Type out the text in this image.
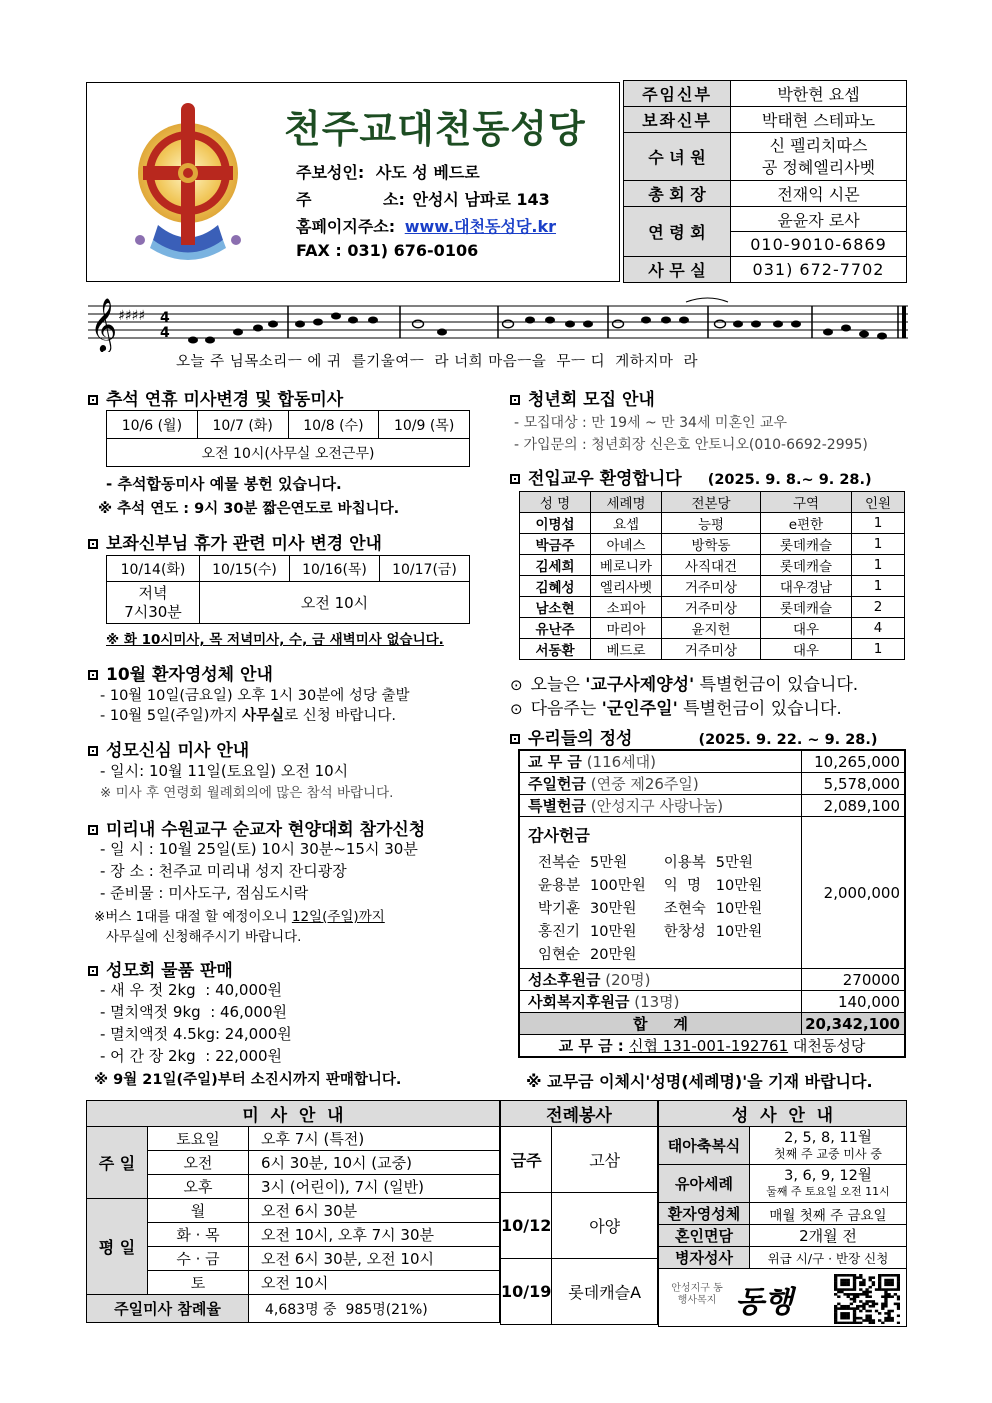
천주교대천동성당
주보성인: 사도 성 베드로
주	소: 안성시 남파로 143
홈페이지주소: www.대천동성당.kr
FAX : 031) 676-0106
주임신부	박한현 요셉
보좌신부	박태현 스테파노
수 녀 원	신 펠리치따스
공 정혜엘리사벳

총 회 장	전재익 시몬
연 령 회	윤윤자 로사
	010-9010-6869
사 무 실	031) 672-7702
𝄞 ♯♯♯♯ 4
4
오늘 주 님목소리ㅡ 에 귀  를기울여ㅡ  라 너희 마음ㅡ을  무ㅡ 디  게하지마  라
추석 연휴 미사변경 및 합동미사
10/6 (월)	10/7 (화)	10/8 (수)	10/9 (목)
오전 10시(사무실 오전근무)
- 추석합동미사 예물 봉헌 있습니다.
※ 추석 연도 : 9시 30분 짧은연도로 바칩니다.
보좌신부님 휴가 관련 미사 변경 안내
10/14(화)	10/15(수)	10/16(목)	10/17(금)

저녁
7시30분	오전 10시		
※ 화 10시미사, 목 저녁미사, 수, 금 새벽미사 없습니다.
10월 환자영성체 안내
- 10월 10일(금요일) 오후 1시 30분에 성당 출발
- 10월 5일(주일)까지 사무실로 신청 바랍니다.
성모신심 미사 안내
- 일시: 10월 11일(토요일) 오전 10시
※ 미사 후 연령회 월례회의에 많은 참석 바랍니다.
미리내 수원교구 순교자 현양대회 참가신청
- 일 시 : 10월 25일(토) 10시 30분~15시 30분
- 장 소 : 천주교 미리내 성지 잔디광장
- 준비물 : 미사도구, 점심도시락
※버스 1대를 대절 할 예정이오니 12일(주일)까지
사무실에 신청해주시기 바랍니다.
성모회 물품 판매
- 새 우 젓 2kg  : 40,000원
- 멸치액젓 9kg  : 46,000원
- 멸치액젓 4.5kg: 24,000원
- 어 간 장 2kg  : 22,000원
※ 9월 21일(주일)부터 소진시까지 판매합니다.
청년회 모집 안내
- 모집대상 : 만 19세 ~ 만 34세 미혼인 교우
- 가입문의 : 청년회장 신은호 안토니오(010-6692-2995)
전입교우 환영합니다 (2025. 9. 8.~ 9. 28.)
성 명	세례명	전본당	구역	인원
이명섭	요셉	능평	e편한	1
박금주	아녜스	방학동	롯데캐슬	1
김세희	베로니카	사직대건	롯데캐슬	1
김혜성	엘리사벳	거주미상	대우경남	1
남소현	소피아	거주미상	롯데캐슬	2
유난주	마리아	윤지헌	대우	4
서동환	베드로	거주미상	대우	1
⊙ 오늘은 '교구사제양성' 특별헌금이 있습니다.
⊙ 다음주는 '군인주일' 특별헌금이 있습니다.
우리들의 정성	(2025. 9. 22. ~ 9. 28.)
교 무 금 (116세대)	10,265,000
주일헌금 (연중 제26주일)	5,578,000
특별헌금 (안성지구 사랑나눔)	2,089,100

감사헌금
전복순	5만원	이용복	5만원
윤용분	100만원	익  명	10만원
박기훈	30만원	조현숙	10만원
홍진기	10만원	한창성	10만원
임현순	20만원		
	2,000,000
성소후원금 (20명)	270000
사회복지후원금 (13명)	140,000
합     계	20,342,100
교 무 금 : 신협 131-001-192761 대천동성당
※ 교무금 이체시'성명(세례명)'을 기재 바랍니다.
미  사  안  내		
주 일	토요일	오후 7시 (특전)
	오전	6시 30분, 10시 (교중)
	오후	3시 (어린이), 7시 (일반)
평 일	월	오전 6시 30분
	화 · 목	오전 10시, 오후 7시 30분
	수 · 금	오전 6시 30분, 오전 10시
	토	오전 10시
주일미사 참례율		4,683명 중  985명(21%)
전례봉사	
금주	고삼
10/12	아양
10/19	롯데캐슬A
성  사  안  내	
태아축복식	2, 5, 8, 11월
첫째 주 교중 미사 중

유아세례	3, 6, 9, 12월
둘째 주 토요일 오전 11시

환자영성체	매월 첫째 주 금요일
혼인면담	2개월 전
병자성사	위급 시/구 · 반장 신청

안성지구 동행사목지 동행	
